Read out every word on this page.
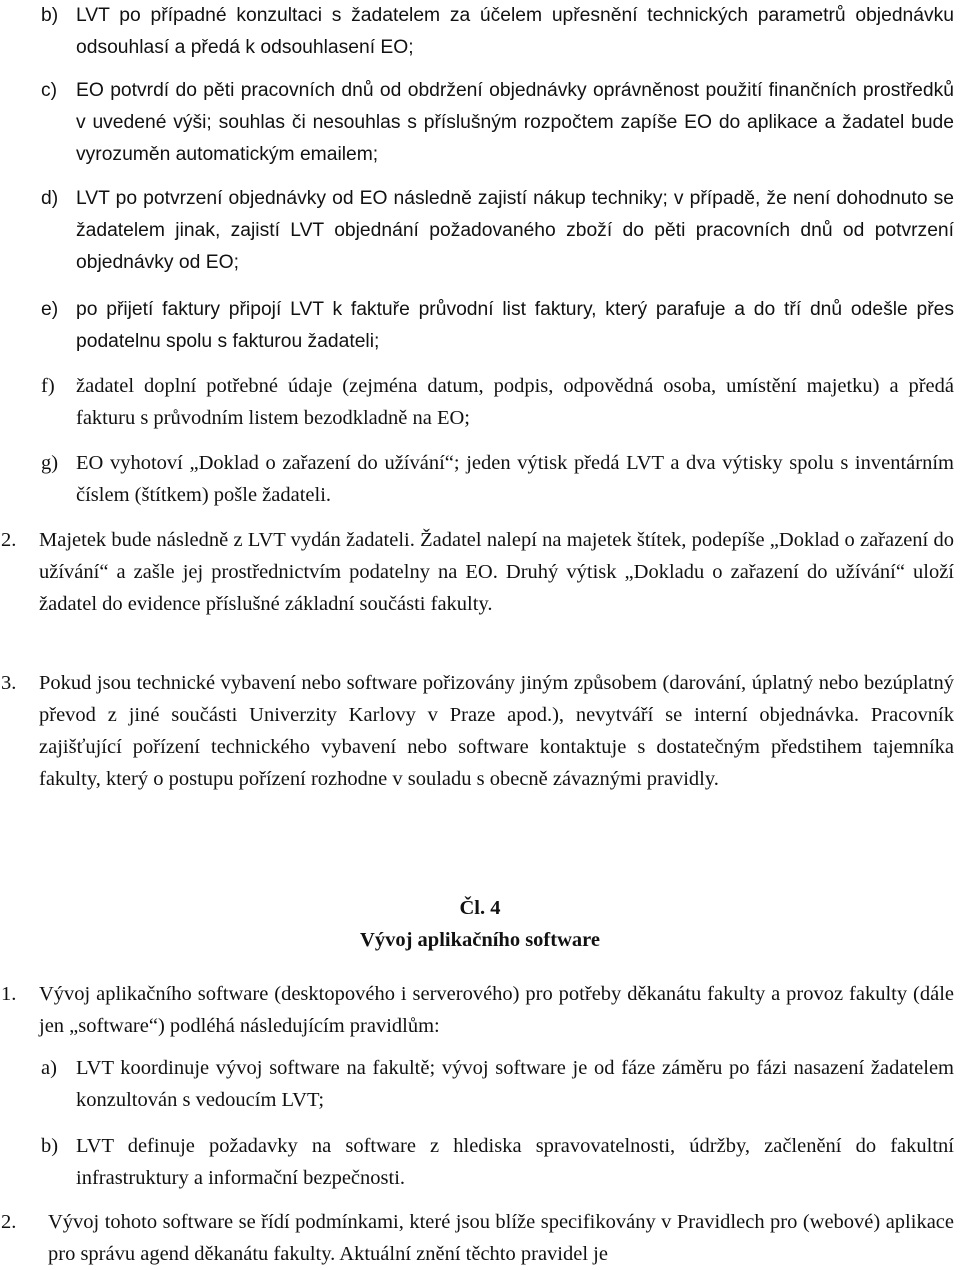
b) LVT po případné konzultaci s žadatelem za účelem upřesnění technických parametrů objednávku odsouhlasí a předá k odsouhlasení EO;
c) EO potvrdí do pěti pracovních dnů od obdržení objednávky oprávněnost použití finančních prostředků v uvedené výši; souhlas či nesouhlas s příslušným rozpočtem zapíše EO do aplikace a žadatel bude vyrozuměn automatickým emailem;
d) LVT po potvrzení objednávky od EO následně zajistí nákup techniky; v případě, že není dohodnuto se žadatelem jinak, zajistí LVT objednání požadovaného zboží do pěti pracovních dnů od potvrzení objednávky od EO;
e) po přijetí faktury připojí LVT k faktuře průvodní list faktury, který parafuje a do tří dnů odešle přes podatelnu spolu s fakturou žadateli;
f) žadatel doplní potřebné údaje (zejména datum, podpis, odpovědná osoba, umístění majetku) a předá fakturu s průvodním listem bezodkladně na EO;
g) EO vyhotoví „Doklad o zařazení do užívání“; jeden výtisk předá LVT a dva výtisky spolu s inventárním číslem (štítkem) pošle žadateli.
2. Majetek bude následně z LVT vydán žadateli. Žadatel nalepí na majetek štítek, podepíše „Doklad o zařazení do užívání“ a zašle jej prostřednictvím podatelny na EO. Druhý výtisk „Dokladu o zařazení do užívání“ uloží žadatel do evidence příslušné základní součásti fakulty.
3. Pokud jsou technické vybavení nebo software pořizovány jiným způsobem (darování, úplatný nebo bezúplatný převod z jiné součásti Univerzity Karlovy v Praze apod.), nevytváří se interní objednávka. Pracovník zajišťující pořízení technického vybavení nebo software kontaktuje s dostatečným předstihem tajemníka fakulty, který o postupu pořízení rozhodne v souladu s obecně závaznými pravidly.
Čl. 4
Vývoj aplikačního software
1. Vývoj aplikačního software (desktopového i serverového) pro potřeby děkanátu fakulty a provoz fakulty (dále jen „software“) podléhá následujícím pravidlům:
a) LVT koordinuje vývoj software na fakultě; vývoj software je od fáze záměru po fázi nasazení žadatelem konzultován s vedoucím LVT;
b) LVT definuje požadavky na software z hlediska spravovatelnosti, údržby, začlenění do fakultní infrastruktury a informační bezpečnosti.
2. Vývoj tohoto software se řídí podmínkami, které jsou blíže specifikovány v Pravidlech pro (webové) aplikace pro správu agend děkanátu fakulty. Aktuální znění těchto pravidel je
